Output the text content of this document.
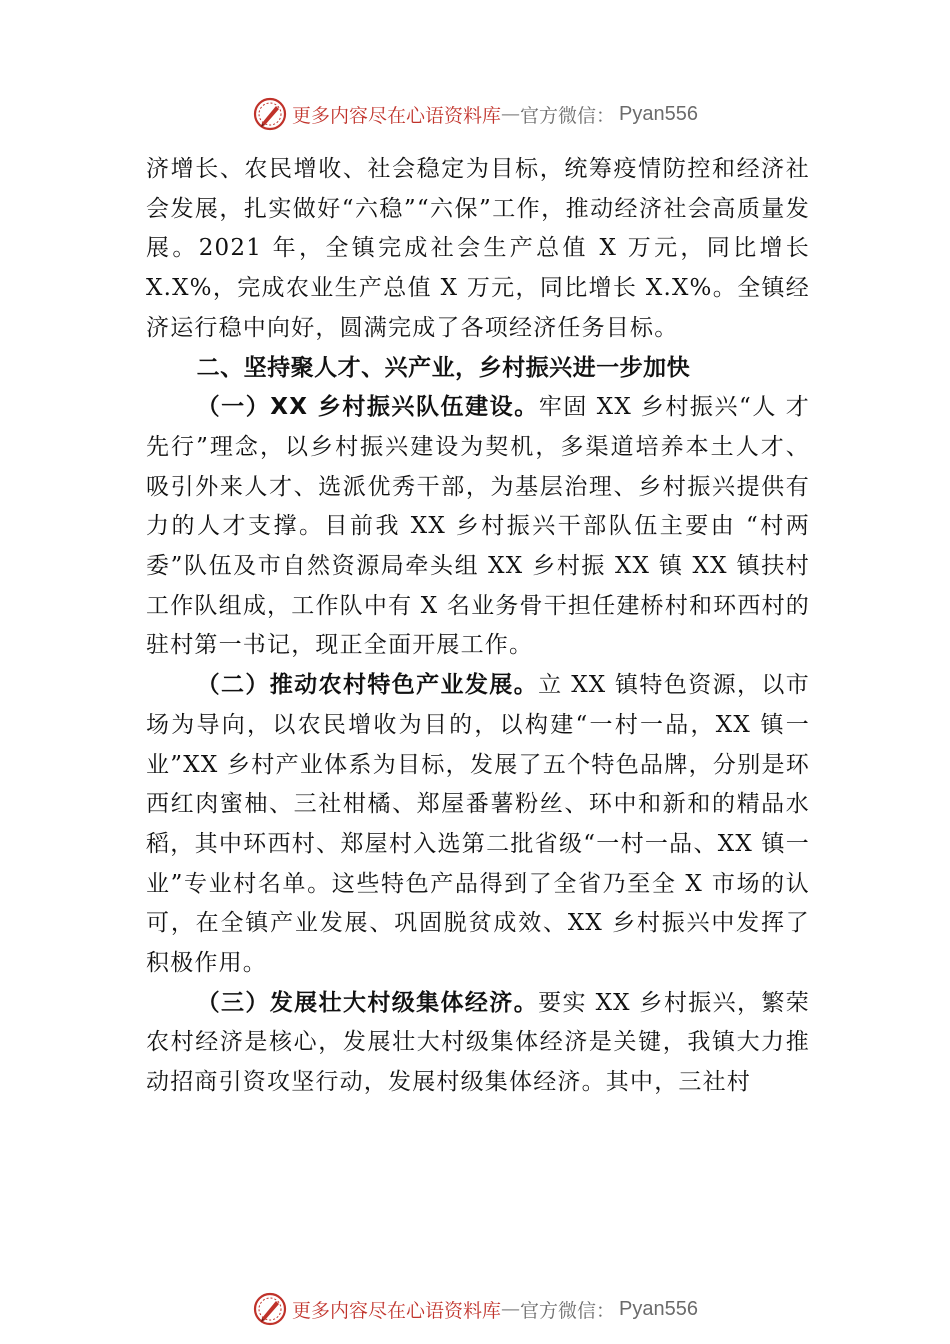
更多内容尽在心语资料库 — 官方微信： Pyan556

济增长、农民增收、社会稳定为目标，统筹疫情防控和经济社会发展，扎实做好“六稳”“六保”工作，推动经济社会高质量发展。2021 年，全镇完成社会生产总值 X 万元，同比增长 X.X%，完成农业生产总值 X 万元，同比增长 X.X%。全镇经济运行稳中向好，圆满完成了各项经济任务目标。

二、坚持聚人才、兴产业，乡村振兴进一步加快

（一）XX 乡村振兴队伍建设。牢固 XX 乡村振兴“人 才先行”理念，以乡村振兴建设为契机，多渠道培养本土人才、吸引外来人才、选派优秀干部，为基层治理、乡村振兴提供有力的人才支撑。目前我 XX 乡村振兴干部队伍主要由 “村两委”队伍及市自然资源局牵头组 XX 乡村振 XX 镇 XX 镇扶村工作队组成，工作队中有 X 名业务骨干担任建桥村和环西村的驻村第一书记，现正全面开展工作。

（二）推动农村特色产业发展。立 XX 镇特色资源，以市场为导向，以农民增收为目的，以构建“一村一品，XX 镇一业”XX 乡村产业体系为目标，发展了五个特色品牌，分别是环西红肉蜜柚、三社柑橘、郑屋番薯粉丝、环中和新和的精品水稻，其中环西村、郑屋村入选第二批省级“一村一品、XX 镇一业”专业村名单。这些特色产品得到了全省乃至全 X 市场的认可，在全镇产业发展、巩固脱贫成效、XX 乡村振兴中发挥了积极作用。

（三）发展壮大村级集体经济。要实 XX 乡村振兴，繁荣农村经济是核心，发展壮大村级集体经济是关键，我镇大力推动招商引资攻坚行动，发展村级集体经济。其中，三社村

更多内容尽在心语资料库 — 官方微信： Pyan556
